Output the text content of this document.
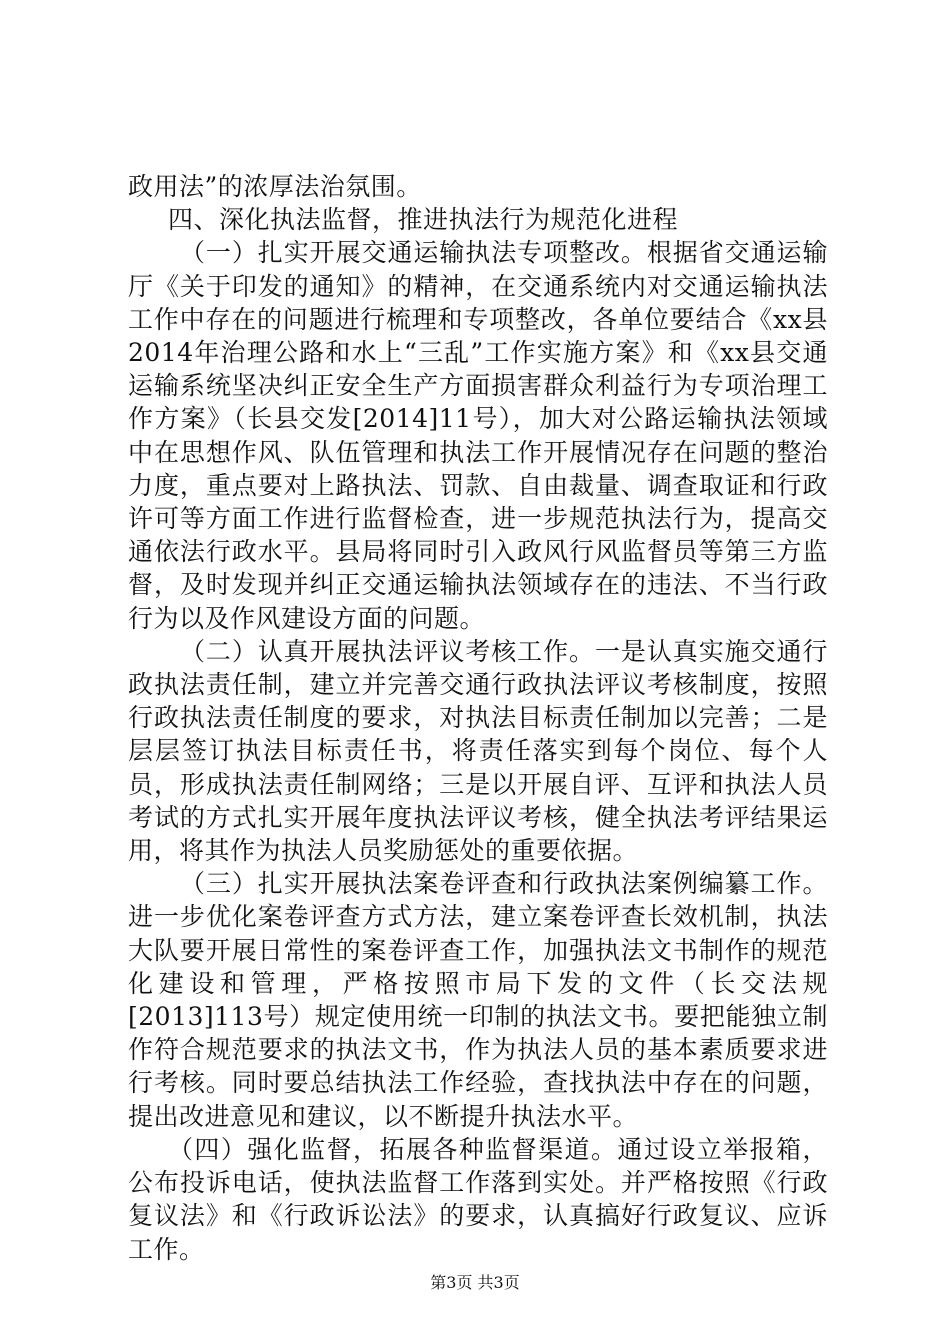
政用法”的浓厚法治氛围。

四、深化执法监督，推进执法行为规范化进程

（一）扎实开展交通运输执法专项整改。根据省交通运输厅《关于印发的通知》的精神，在交通系统内对交通运输执法工作中存在的问题进行梳理和专项整改，各单位要结合《xx县2014年治理公路和水上“三乱”工作实施方案》和《xx县交通运输系统坚决纠正安全生产方面损害群众利益行为专项治理工作方案》（长县交发[2014]11号），加大对公路运输执法领域中在思想作风、队伍管理和执法工作开展情况存在问题的整治力度，重点要对上路执法、罚款、自由裁量、调查取证和行政许可等方面工作进行监督检查，进一步规范执法行为，提高交通依法行政水平。县局将同时引入政风行风监督员等第三方监督，及时发现并纠正交通运输执法领域存在的违法、不当行政行为以及作风建设方面的问题。

（二）认真开展执法评议考核工作。一是认真实施交通行政执法责任制，建立并完善交通行政执法评议考核制度，按照行政执法责任制度的要求，对执法目标责任制加以完善；二是层层签订执法目标责任书，将责任落实到每个岗位、每个人员，形成执法责任制网络；三是以开展自评、互评和执法人员考试的方式扎实开展年度执法评议考核，健全执法考评结果运用，将其作为执法人员奖励惩处的重要依据。

（三）扎实开展执法案卷评查和行政执法案例编纂工作。进一步优化案卷评查方式方法，建立案卷评查长效机制，执法大队要开展日常性的案卷评查工作，加强执法文书制作的规范化建设和管理，严格按照市局下发的文件（长交法规[2013]113号）规定使用统一印制的执法文书。要把能独立制作符合规范要求的执法文书，作为执法人员的基本素质要求进行考核。同时要总结执法工作经验，查找执法中存在的问题，提出改进意见和建议，以不断提升执法水平。

（四）强化监督，拓展各种监督渠道。通过设立举报箱，公布投诉电话，使执法监督工作落到实处。并严格按照《行政复议法》和《行政诉讼法》的要求，认真搞好行政复议、应诉工作。

第3页 共3页
